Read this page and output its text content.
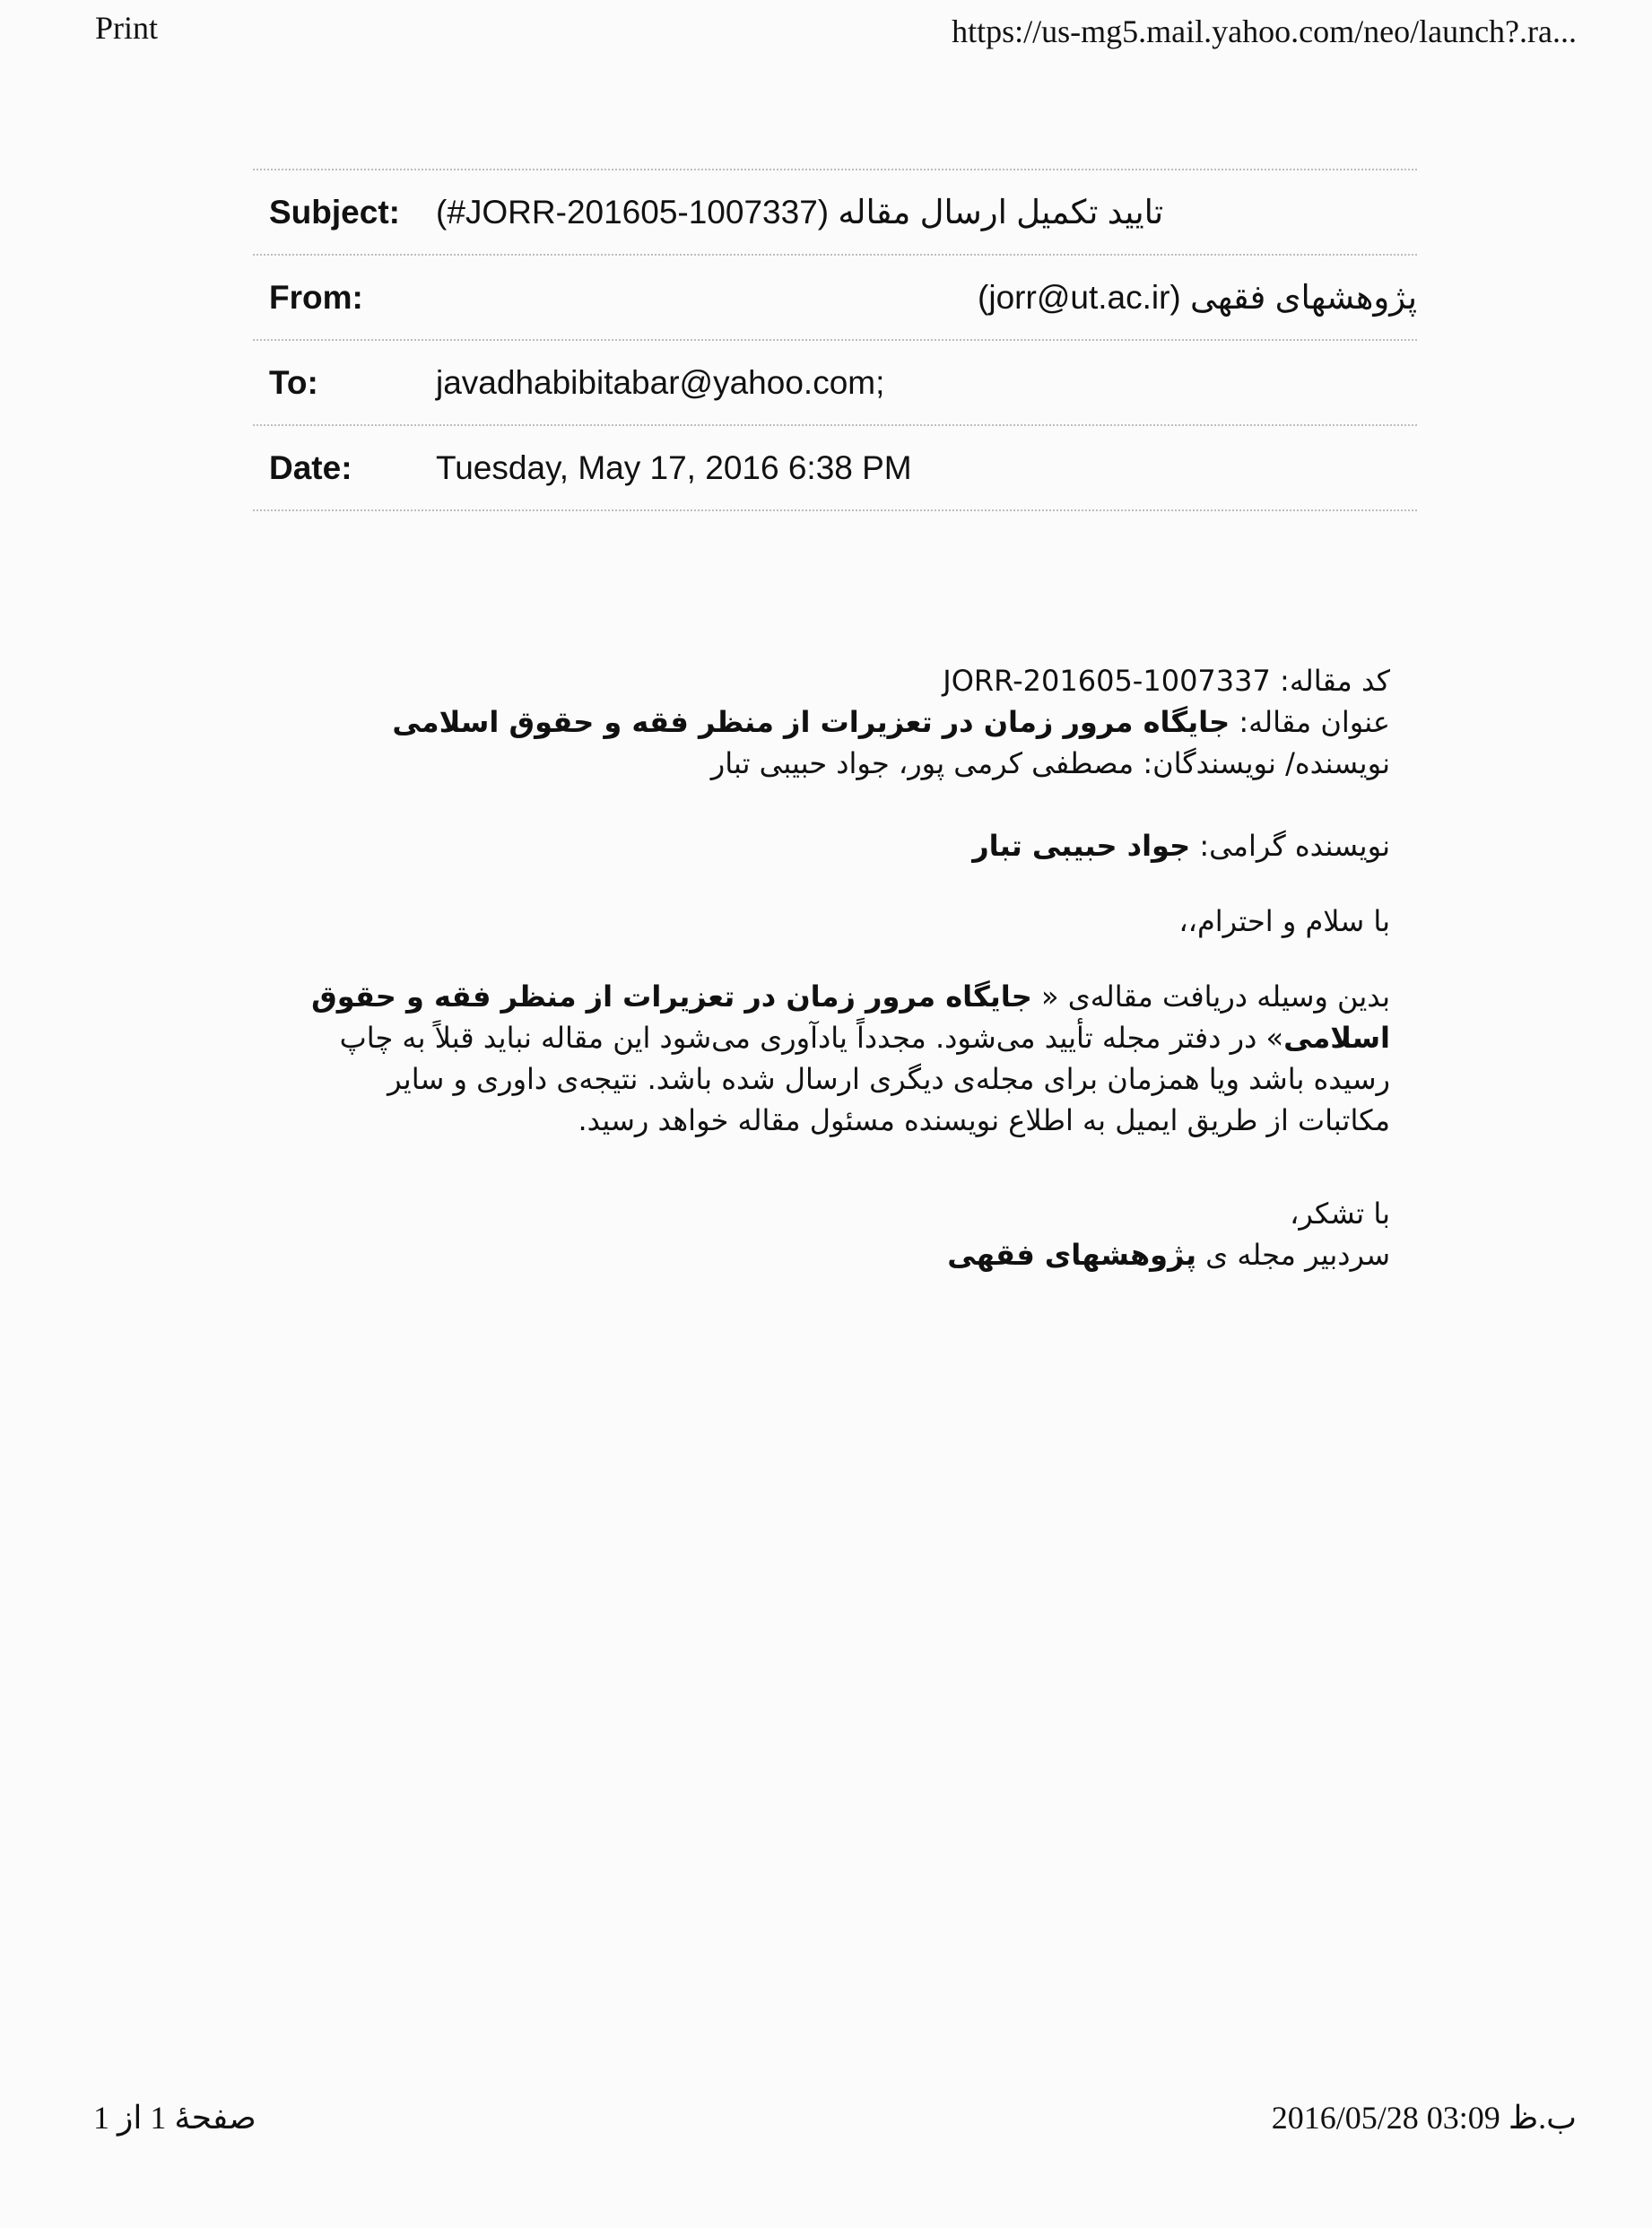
Print	https://us-mg5.mail.yahoo.com/neo/launch?.ra...
Subject:	(#JORR-201605-1007337) تایید تکمیل ارسال مقاله
From:	پژوهشهای فقهی (jorr@ut.ac.ir)
To:	javadhabibitabar@yahoo.com;
Date:	Tuesday, May 17, 2016 6:38 PM

کد مقاله: JORR-201605-1007337

عنوان مقاله: جایگاه مرور زمان در تعزیرات از منظر فقه و حقوق اسلامی

نویسنده/ نویسندگان: مصطفی کرمی پور، جواد حبیبی تبار

نویسنده گرامی: جواد حبیبی تبار

با سلام و احترام،،

بدین وسیله دریافت مقاله‌ی « جایگاه مرور زمان در تعزیرات از منظر فقه و حقوق اسلامی» در دفتر مجله تأیید می‌شود. مجدداً یادآوری می‌شود این مقاله نباید قبلاً به چاپ رسیده باشد ویا همزمان برای مجله‌ی دیگری ارسال شده باشد. نتیجه‌ی داوری و سایر مکاتبات از طریق ایمیل به اطلاع نویسنده مسئول مقاله خواهد رسید.

با تشکر،

سردبیر مجله ی پژوهشهای فقهی

صفحهٔ 1 از 1	ب.ظ 03:09 2016/05/28
